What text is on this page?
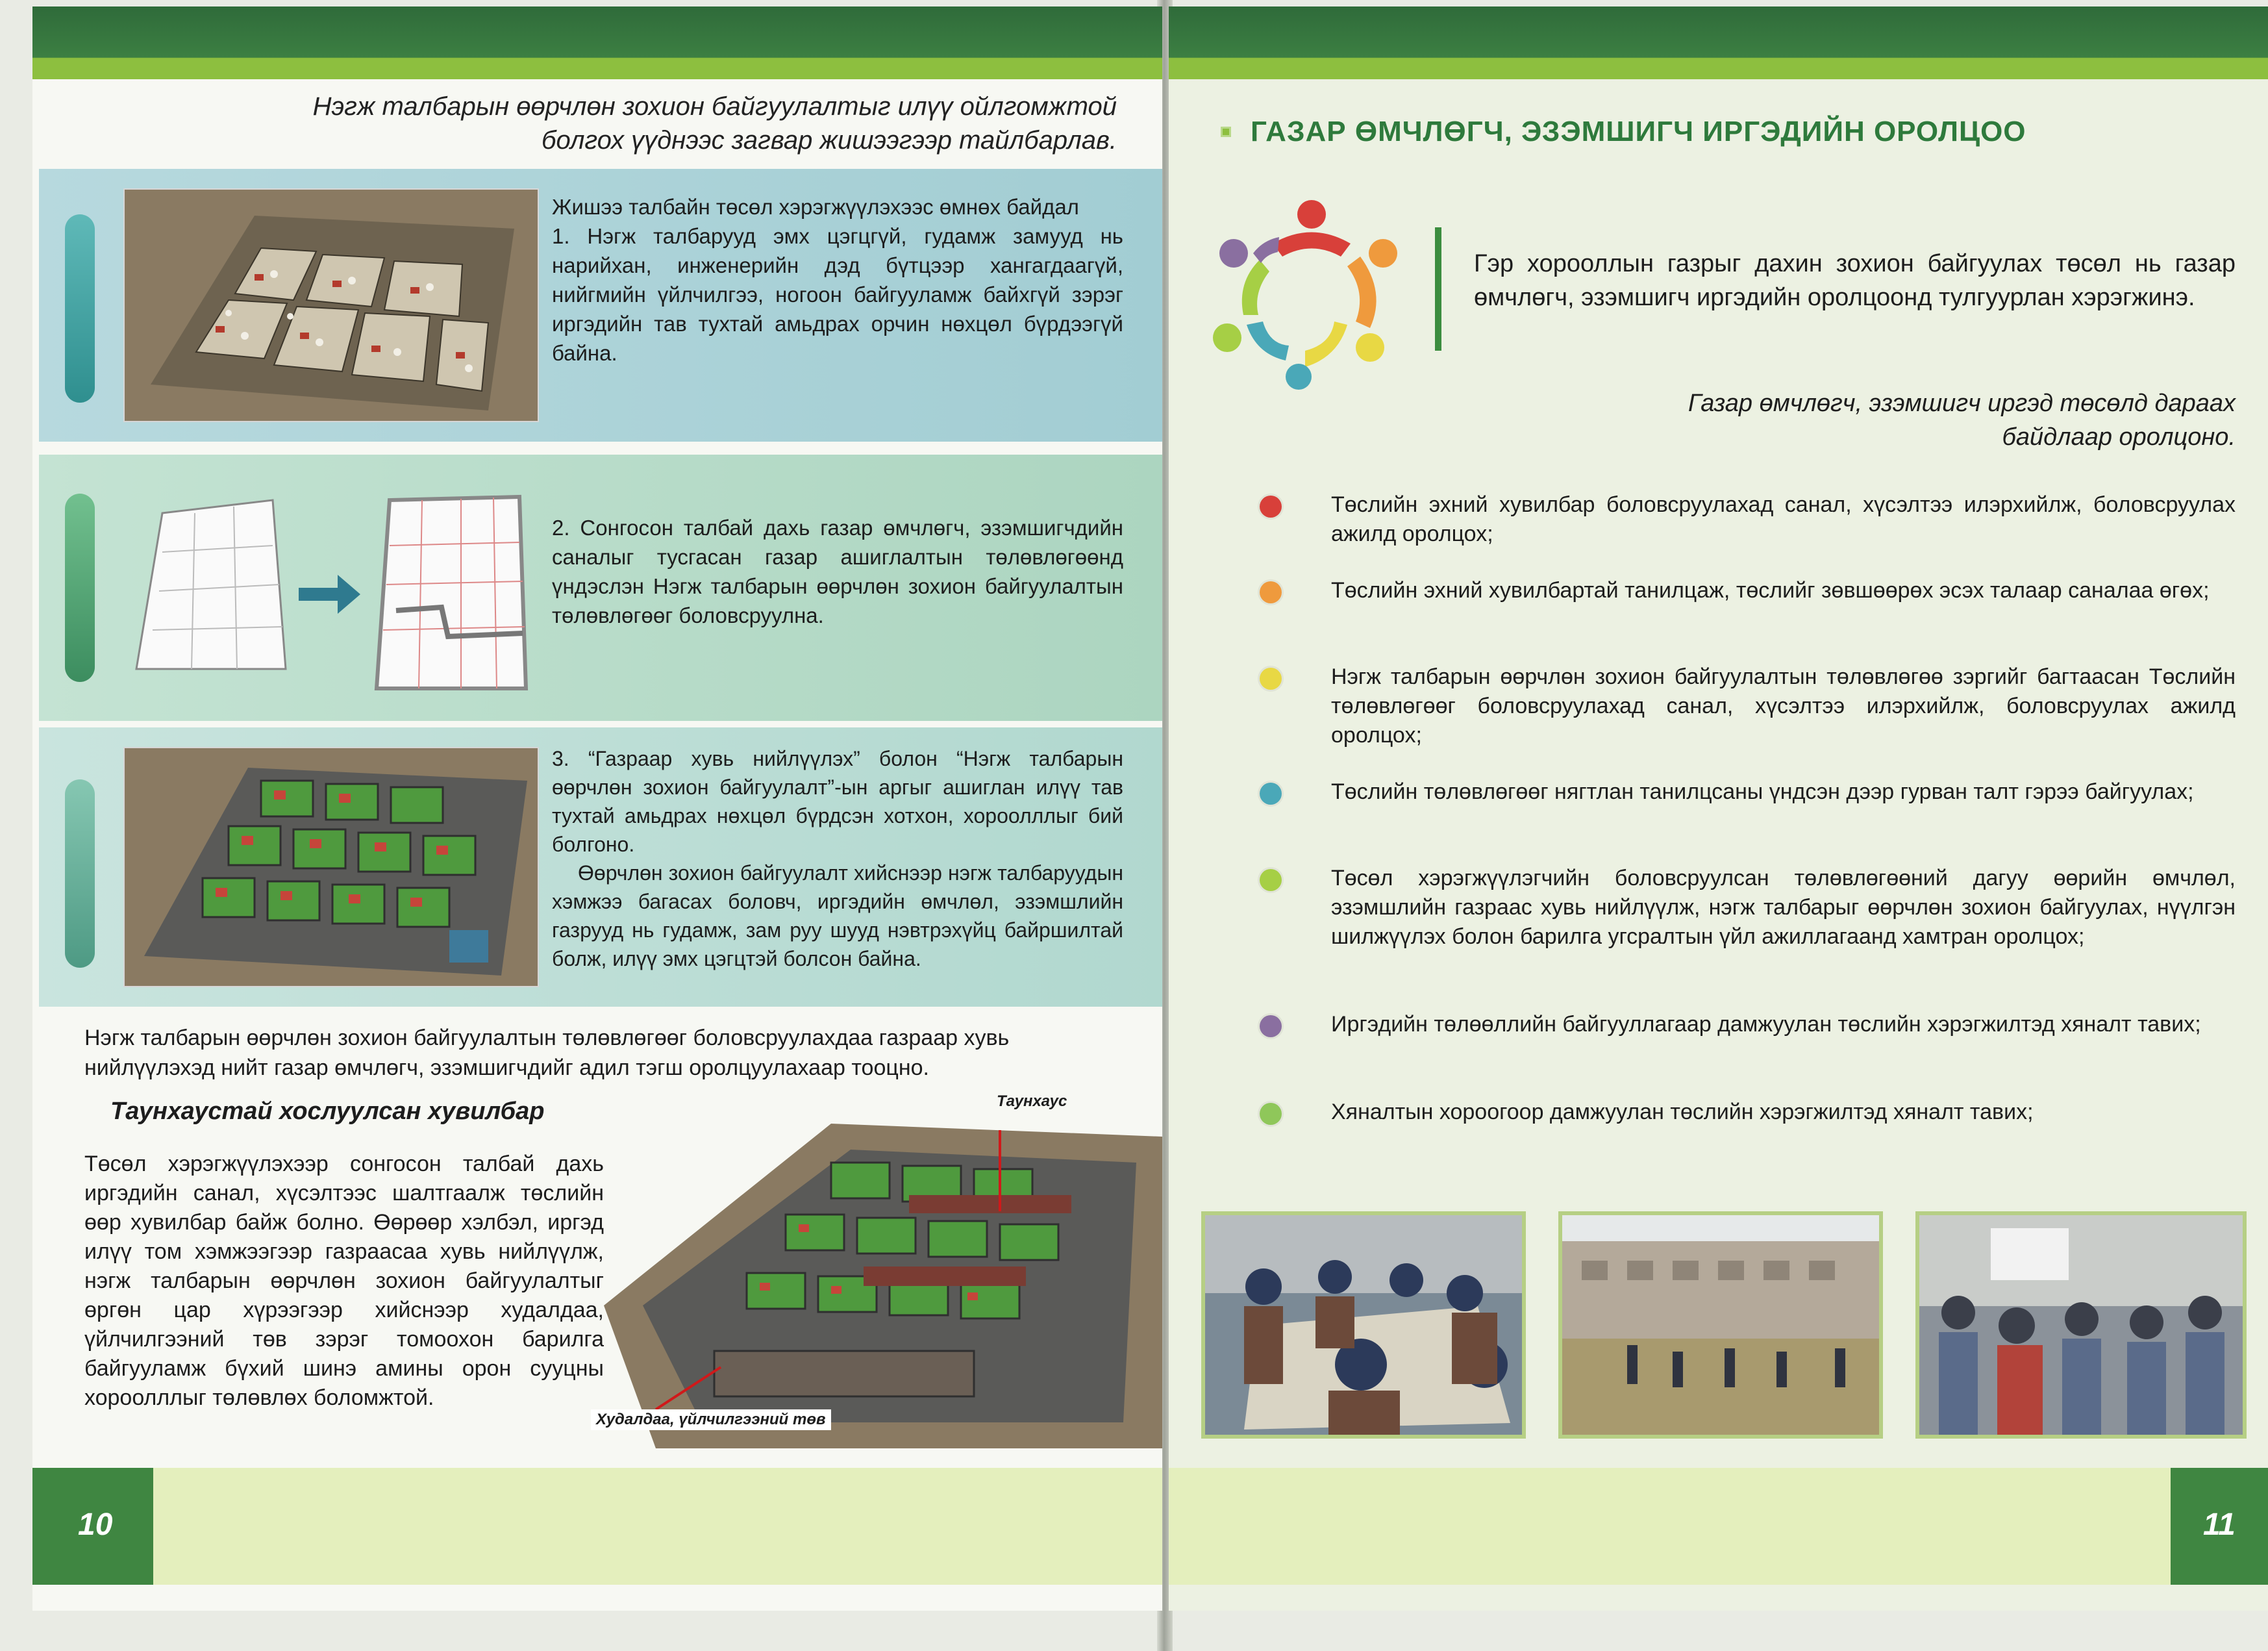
Нэгж талбарын өөрчлөн зохион байгуулалтыг илүү ойлгомжтой болгох үүднээс загвар жишээгээр тайлбарлав.

Жишээ талбайн төсөл хэрэгжүүлэхээс өмнөх байдал

1. Нэгж талбарууд эмх цэгцгүй, гудамж замууд нь нарийхан, инженерийн дэд бүтцээр хангагдаагүй, нийгмийн үйлчилгээ, ногоон байгууламж байхгүй зэрэг иргэдийн тав тухтай амьдрах орчин нөхцөл бүрдээгүй байна.

2. Сонгосон талбай дахь газар өмчлөгч, эзэмшигчдийн саналыг тусгасан газар ашиглалтын төлөвлөгөөнд үндэслэн Нэгж талбарын өөрчлөн зохион байгуулалтын төлөвлөгөөг боловсруулна.

3. “Газраар хувь нийлүүлэх” болон “Нэгж талбарын өөрчлөн зохион байгуулалт”-ын аргыг ашиглан илүү тав тухтай амьдрах нөхцөл бүрдсэн хотхон, хороолллыг бий болгоно.

Өөрчлөн зохион байгуулалт хийснээр нэгж талбаруудын хэмжээ багасах боловч, иргэдийн өмчлөл, эзэмшлийн газрууд нь гудамж, зам руу шууд нэвтрэхүйц байршилтай болж, илүү эмх цэгцтэй болсон байна.

Нэгж талбарын өөрчлөн зохион байгуулалтын төлөвлөгөөг боловсруулахдаа газраар хувь нийлүүлэхэд нийт газар өмчлөгч, эзэмшигчдийг адил тэгш оролцуулахаар тооцно.
Таунхаустай хослуулсан хувилбар
Төсөл хэрэгжүүлэхээр сонгосон талбай дахь иргэдийн санал, хүсэлтээс шалтгаалж төслийн өөр хувилбар байж болно. Өөрөөр хэлбэл, иргэд илүү том хэмжээгээр газраасаа хувь нийлүүлж, нэгж талбарын өөрчлөн зохион байгуулалтыг өргөн цар хүрээгээр хийснээр худалдаа, үйлчилгээний төв зэрэг томоохон барилга байгууламж бүхий шинэ амины орон сууцны хороолллыг төлөвлөх боломжтой.
Таунхаус
Худалдаа, үйлчилгээний төв
10
ГАЗАР ӨМЧЛӨГЧ, ЭЗЭМШИГЧ ИРГЭДИЙН ОРОЛЦОО
Гэр хорооллын газрыг дахин зохион байгуулах төсөл нь газар өмчлөгч, эзэмшигч иргэдийн оролцоонд тулгуурлан хэрэгжинэ.
Газар өмчлөгч, эзэмшигч иргэд төсөлд дараах байдлаар оролцоно.
Төслийн эхний хувилбар боловсруулахад санал, хүсэлтээ илэрхийлж, боловсруулах ажилд оролцох;
Төслийн эхний хувилбартай танилцаж, төслийг зөвшөөрөх эсэх талаар саналаа өгөх;
Нэгж талбарын өөрчлөн зохион байгуулалтын төлөвлөгөө зэргийг багтаасан Төслийн төлөвлөгөөг боловсруулахад санал, хүсэлтээ илэрхийлж, боловсруулах ажилд оролцох;
Төслийн төлөвлөгөөг нягтлан танилцсаны үндсэн дээр гурван талт гэрээ байгуулах;
Төсөл хэрэгжүүлэгчийн боловсруулсан төлөвлөгөөний дагуу өөрийн өмчлөл, эзэмшлийн газраас хувь нийлүүлж, нэгж талбарыг өөрчлөн зохион байгуулах, нүүлгэн шилжүүлэх болон барилга угсралтын үйл ажиллагаанд хамтран оролцох;
Иргэдийн төлөөллийн байгууллагаар дамжуулан төслийн хэрэгжилтэд хяналт тавих;
Хяналтын хороогоор дамжуулан төслийн хэрэгжилтэд хяналт тавих;
11
